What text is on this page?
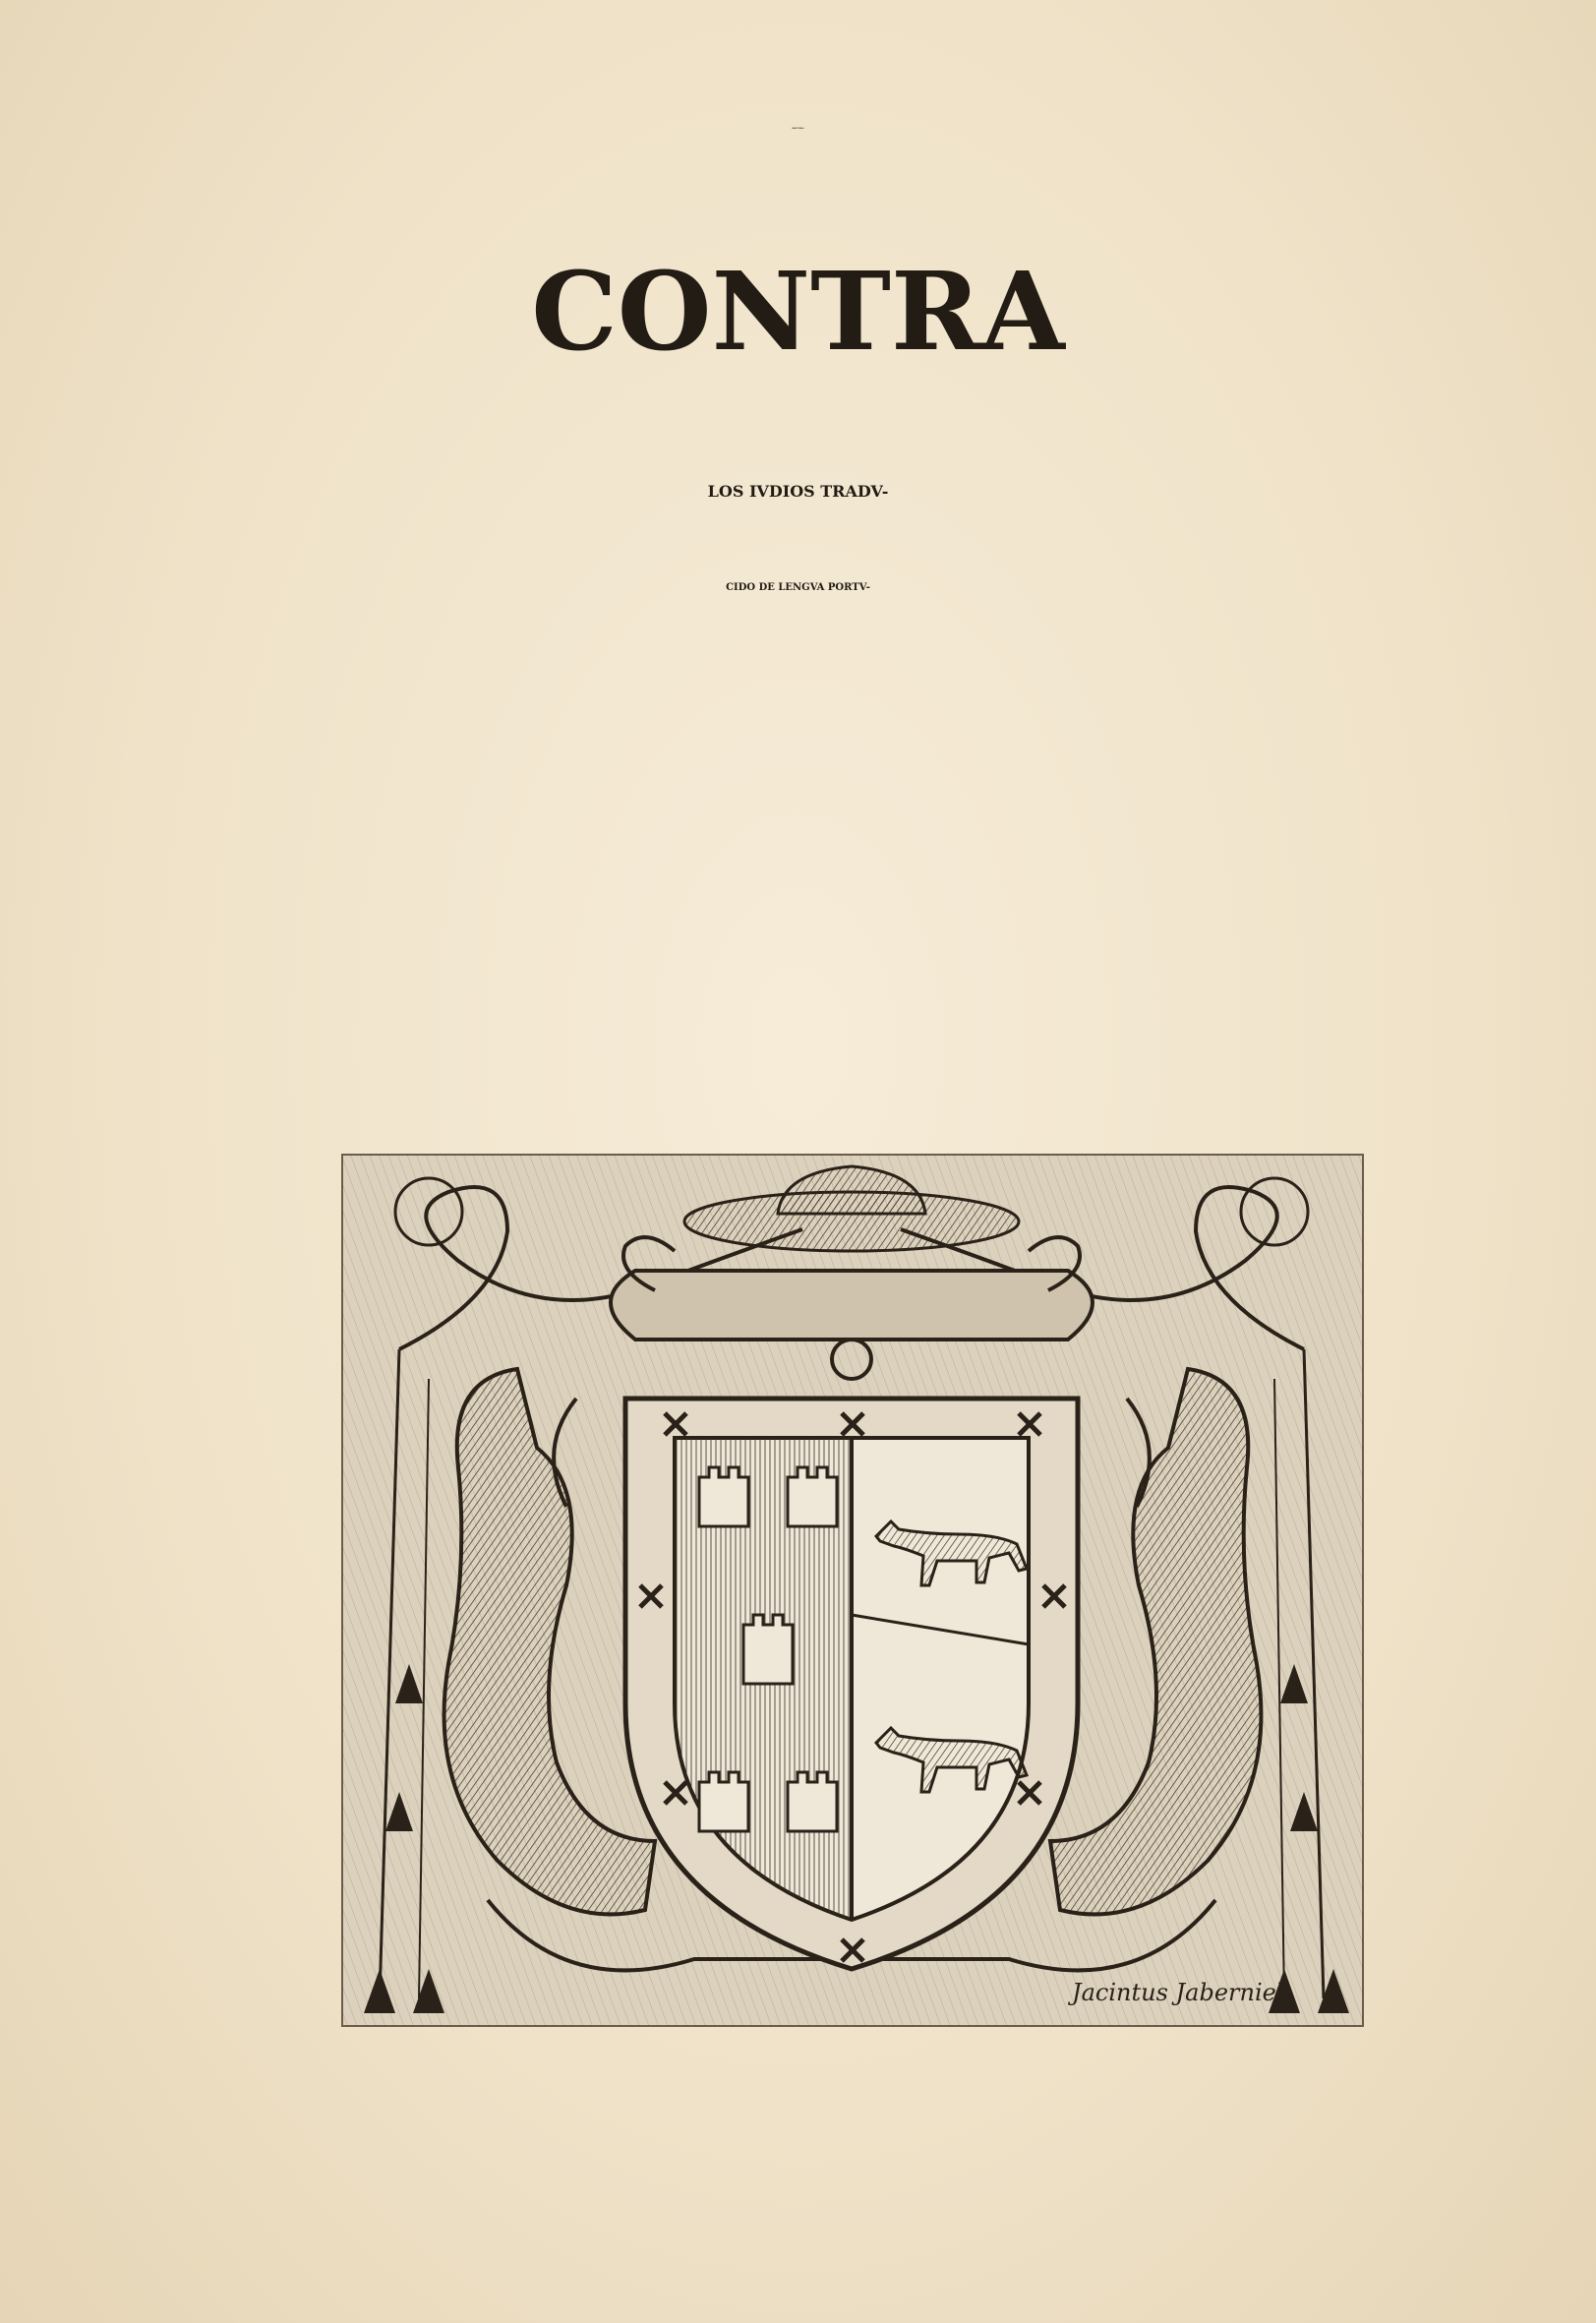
DISCVRSO
CONTRA
LOS IVDIOS TRADV-
CIDO DE LENGVA PORTV-
Jacintus Jaberniel.
